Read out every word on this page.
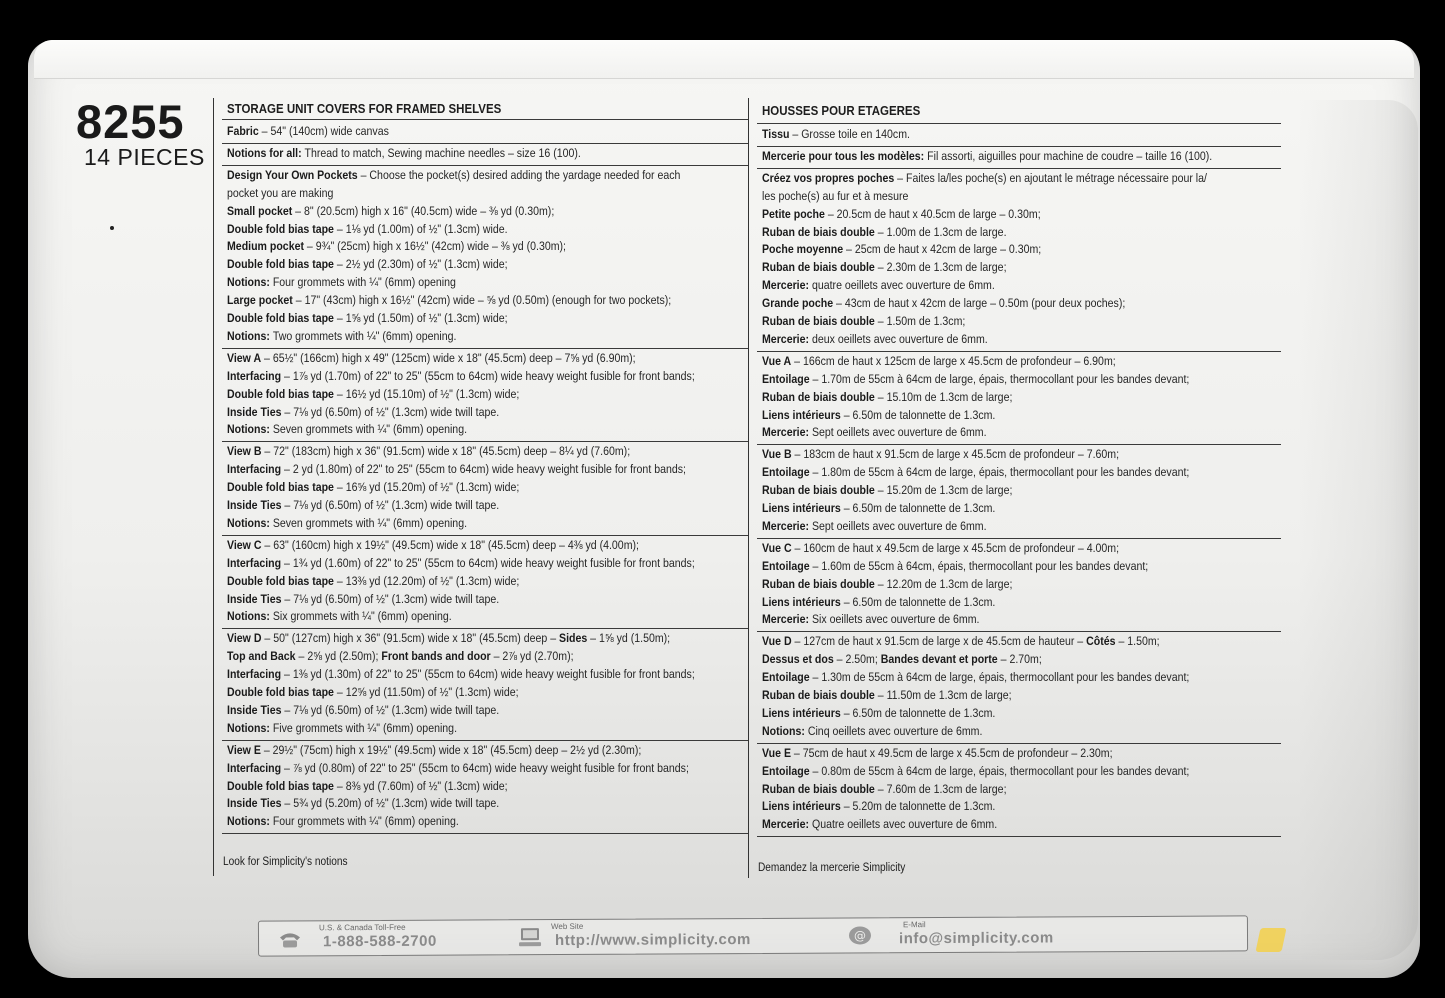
8255
14 PIECES
STORAGE UNIT COVERS FOR FRAMED SHELVES
Look for Simplicity's notions
Fabric – 54" (140cm) wide canvas
Notions for all: Thread to match, Sewing machine needles – size 16 (100).
Design Your Own Pockets – Choose the pocket(s) desired adding the yardage needed for each
pocket you are making
Small pocket – 8" (20.5cm) high x 16" (40.5cm) wide – ⅜ yd (0.30m);
Double fold bias tape – 1⅛ yd (1.00m) of ½" (1.3cm) wide.
Medium pocket – 9¾" (25cm) high x 16½" (42cm) wide – ⅜ yd (0.30m);
Double fold bias tape – 2½ yd (2.30m) of ½" (1.3cm) wide;
Notions: Four grommets with ¼" (6mm) opening
Large pocket – 17" (43cm) high x 16½" (42cm) wide – ⅝ yd (0.50m) (enough for two pockets);
Double fold bias tape – 1⅝ yd (1.50m) of ½" (1.3cm) wide;
Notions: Two grommets with ¼" (6mm) opening.
View A – 65½" (166cm) high x 49" (125cm) wide x 18" (45.5cm) deep – 7⅝ yd (6.90m);
Interfacing – 1⅞ yd (1.70m) of 22" to 25" (55cm to 64cm) wide heavy weight fusible for front bands;
Double fold bias tape – 16½ yd (15.10m) of ½" (1.3cm) wide;
Inside Ties – 7⅛ yd (6.50m) of ½" (1.3cm) wide twill tape.
Notions: Seven grommets with ¼" (6mm) opening.
View B – 72" (183cm) high x 36" (91.5cm) wide x 18" (45.5cm) deep – 8¼ yd (7.60m);
Interfacing – 2 yd (1.80m) of 22" to 25" (55cm to 64cm) wide heavy weight fusible for front bands;
Double fold bias tape – 16⅝ yd (15.20m) of ½" (1.3cm) wide;
Inside Ties – 7⅛ yd (6.50m) of ½" (1.3cm) wide twill tape.
Notions: Seven grommets with ¼" (6mm) opening.
View C – 63" (160cm) high x 19½" (49.5cm) wide x 18" (45.5cm) deep – 4⅜ yd (4.00m);
Interfacing – 1¾ yd (1.60m) of 22" to 25" (55cm to 64cm) wide heavy weight fusible for front bands;
Double fold bias tape – 13⅜ yd (12.20m) of ½" (1.3cm) wide;
Inside Ties – 7⅛ yd (6.50m) of ½" (1.3cm) wide twill tape.
Notions: Six grommets with ¼" (6mm) opening.
View D – 50" (127cm) high x 36" (91.5cm) wide x 18" (45.5cm) deep – Sides – 1⅝ yd (1.50m);
Top and Back – 2⅝ yd (2.50m); Front bands and door – 2⅞ yd (2.70m);
Interfacing – 1⅜ yd (1.30m) of 22" to 25" (55cm to 64cm) wide heavy weight fusible for front bands;
Double fold bias tape – 12⅝ yd (11.50m) of ½" (1.3cm) wide;
Inside Ties – 7⅛ yd (6.50m) of ½" (1.3cm) wide twill tape.
Notions: Five grommets with ¼" (6mm) opening.
View E – 29½" (75cm) high x 19½" (49.5cm) wide x 18" (45.5cm) deep – 2½ yd (2.30m);
Interfacing – ⅞ yd (0.80m) of 22" to 25" (55cm to 64cm) wide heavy weight fusible for front bands;
Double fold bias tape – 8⅜ yd (7.60m) of ½" (1.3cm) wide;
Inside Ties – 5¾ yd (5.20m) of ½" (1.3cm) wide twill tape.
Notions: Four grommets with ¼" (6mm) opening.
HOUSSES POUR ETAGERES
Demandez la mercerie Simplicity
Tissu – Grosse toile en 140cm.
Mercerie pour tous les modèles: Fil assorti, aiguilles pour machine de coudre – taille 16 (100).
Créez vos propres poches – Faites la/les poche(s) en ajoutant le métrage nécessaire pour la/
les poche(s) au fur et à mesure
Petite poche – 20.5cm de haut x 40.5cm de large – 0.30m;
Ruban de biais double – 1.00m de 1.3cm de large.
Poche moyenne – 25cm de haut x 42cm de large – 0.30m;
Ruban de biais double – 2.30m de 1.3cm de large;
Mercerie: quatre oeillets avec ouverture de 6mm.
Grande poche – 43cm de haut x 42cm de large – 0.50m (pour deux poches);
Ruban de biais double – 1.50m de 1.3cm;
Mercerie: deux oeillets avec ouverture de 6mm.
Vue A – 166cm de haut x 125cm de large x 45.5cm de profondeur – 6.90m;
Entoilage – 1.70m de 55cm à 64cm de large, épais, thermocollant pour les bandes devant;
Ruban de biais double – 15.10m de 1.3cm de large;
Liens intérieurs – 6.50m de talonnette de 1.3cm.
Mercerie: Sept oeillets avec ouverture de 6mm.
Vue B – 183cm de haut x 91.5cm de large x 45.5cm de profondeur – 7.60m;
Entoilage – 1.80m de 55cm à 64cm de large, épais, thermocollant pour les bandes devant;
Ruban de biais double – 15.20m de 1.3cm de large;
Liens intérieurs – 6.50m de talonnette de 1.3cm.
Mercerie: Sept oeillets avec ouverture de 6mm.
Vue C – 160cm de haut x 49.5cm de large x 45.5cm de profondeur – 4.00m;
Entoilage – 1.60m de 55cm à 64cm, épais, thermocollant pour les bandes devant;
Ruban de biais double – 12.20m de 1.3cm de large;
Liens intérieurs – 6.50m de talonnette de 1.3cm.
Mercerie: Six oeillets avec ouverture de 6mm.
Vue D – 127cm de haut x 91.5cm de large x de 45.5cm de hauteur – Côtés – 1.50m;
Dessus et dos – 2.50m; Bandes devant et porte – 2.70m;
Entoilage – 1.30m de 55cm à 64cm de large, épais, thermocollant pour les bandes devant;
Ruban de biais double – 11.50m de 1.3cm de large;
Liens intérieurs – 6.50m de talonnette de 1.3cm.
Notions: Cinq oeillets avec ouverture de 6mm.
Vue E – 75cm de haut x 49.5cm de large x 45.5cm de profondeur – 2.30m;
Entoilage – 0.80m de 55cm à 64cm de large, épais, thermocollant pour les bandes devant;
Ruban de biais double – 7.60m de 1.3cm de large;
Liens intérieurs – 5.20m de talonnette de 1.3cm.
Mercerie: Quatre oeillets avec ouverture de 6mm.
U.S. & Canada Toll-Free
1-888-588-2700
Web Site
http://www.simplicity.com	@
E-Mail
info@simplicity.com
